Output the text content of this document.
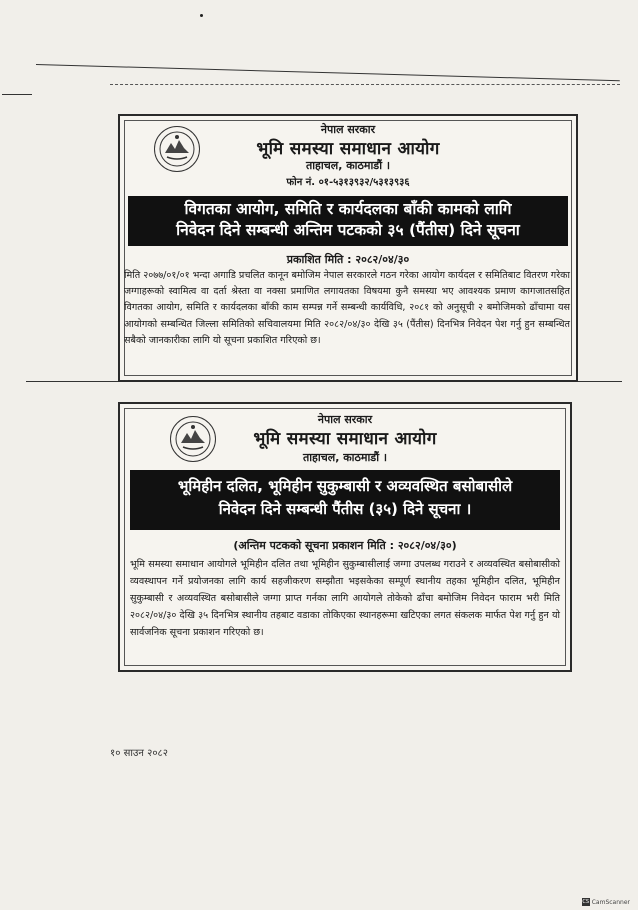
नेपाल सरकार
भूमि समस्या समाधान आयोग
ताहाचल, काठमाडौं ।
फोन नं. ०१-५३१३९३२/५३१३९३६
विगतका आयोग, समिति र कार्यदलका बाँकी कामको लागि
निवेदन दिने सम्बन्धी अन्तिम पटकको ३५ (पैंतीस) दिने सूचना
प्रकाशित मिति : २०८२/०४/३०
मिति २०७७/०१/०१ भन्दा अगाडि प्रचलित कानून बमोजिम नेपाल सरकारले गठन गरेका आयोग कार्यदल र समितिबाट वितरण गरेका जग्गाहरूको स्वामित्व वा दर्ता श्रेस्ता वा नक्सा प्रमाणित लगायतका विषयमा कुनै समस्या भए आवश्यक प्रमाण कागजातसहित विगतका आयोग, समिति र कार्यदलका बाँकी काम सम्पन्न गर्ने सम्बन्धी कार्यविधि, २०८१ को अनुसूची २ बमोजिमको ढाँचामा यस आयोगको सम्बन्धित जिल्ला समितिको सचिवालयमा मिति २०८२/०४/३० देखि ३५ (पैंतीस) दिनभित्र निवेदन पेश गर्नु हुन सम्बन्धित सबैको जानकारीका लागि यो सूचना प्रकाशित गरिएको छ।
नेपाल सरकार
भूमि समस्या समाधान आयोग
ताहाचल, काठमाडौं ।
भूमिहीन दलित, भूमिहीन सुकुम्बासी र अव्यवस्थित बसोबासीले
निवेदन दिने सम्बन्धी पैंतीस (३५) दिने सूचना ।
(अन्तिम पटकको सूचना प्रकाशन मिति : २०८२/०४/३०)
भूमि समस्या समाधान आयोगले भूमिहीन दलित तथा भूमिहीन सुकुम्बासीलाई जग्गा उपलब्ध गराउने र अव्यवस्थित बसोबासीको व्यवस्थापन गर्ने प्रयोजनका लागि कार्य सहजीकरण सम्झौता भइसकेका सम्पूर्ण स्थानीय तहका भूमिहीन दलित, भूमिहीन सुकुम्बासी र अव्यवस्थित बसोबासीले जग्गा प्राप्त गर्नका लागि आयोगले तोकेको ढाँचा बमोजिम निवेदन फाराम भरी मिति २०८२/०४/३० देखि ३५ दिनभित्र स्थानीय तहबाट वडाका तोकिएका स्थानहरूमा खटिएका लगत संकलक मार्फत पेश गर्नु हुन यो सार्वजनिक सूचना प्रकाशन गरिएको छ।
१० साउन २०८२
CS CamScanner
